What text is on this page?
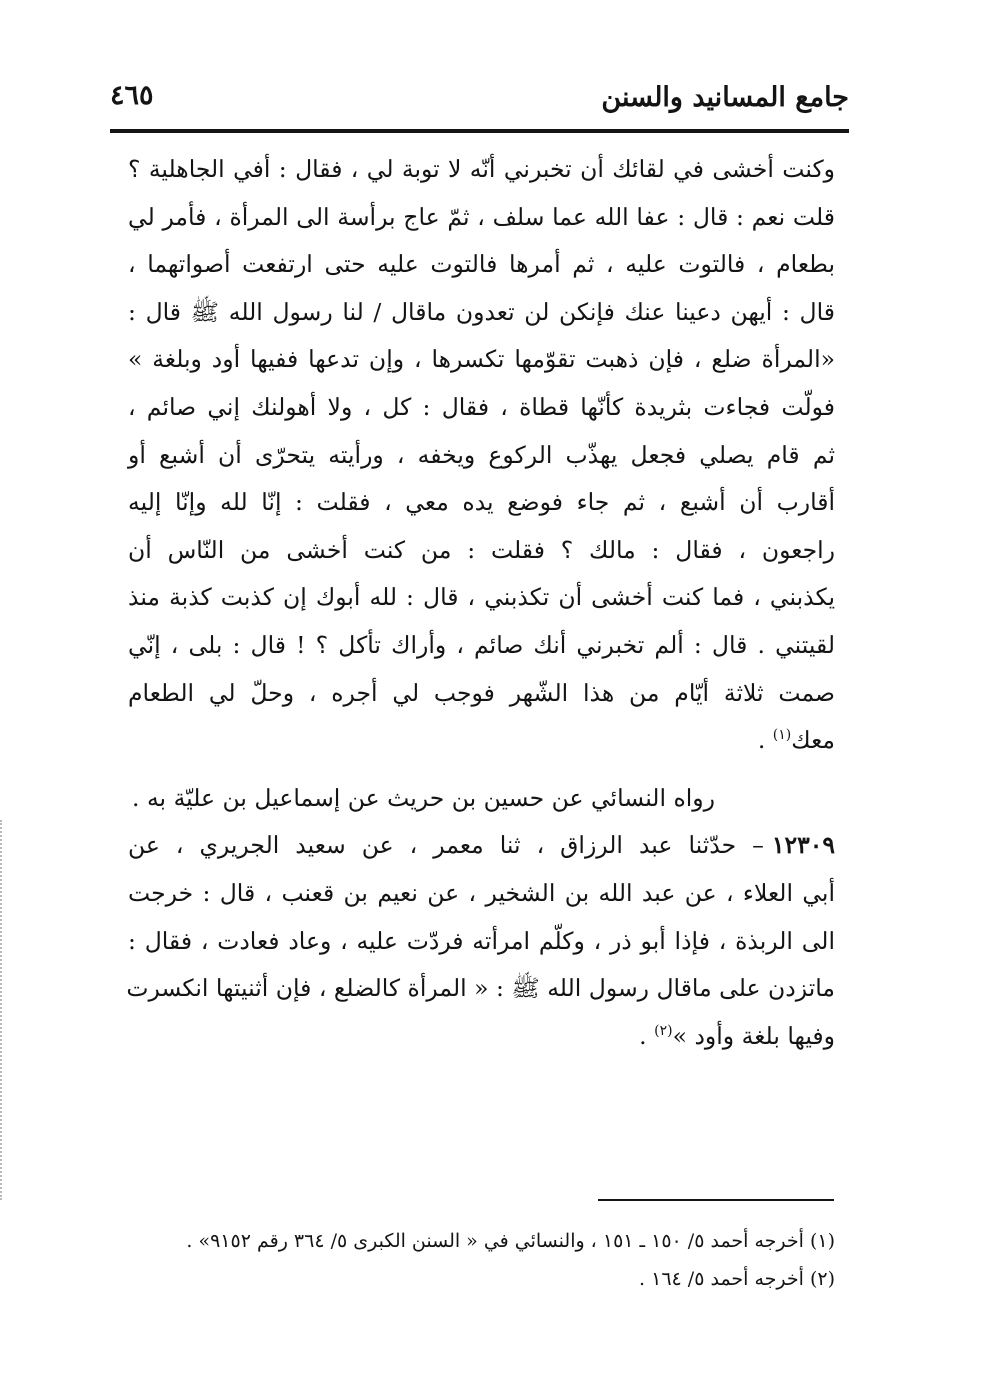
جامع المسانيد والسنن
٤٦٥

وكنت أخشى في لقائك أن تخبرني أنّه لا توبة لي ، فقال : أفي الجاهلية ؟
قلت نعم : قال : عفا الله عما سلف ، ثمّ عاج برأسة الى المرأة ، فأمر لي
بطعام ، فالتوت عليه ، ثم أمرها فالتوت عليه حتى ارتفعت أصواتهما ،
قال : أيهن دعينا عنك فإنكن لن تعدون ماقال / لنا رسول الله ﷺ قال :
«المرأة ضلع ، فإن ذهبت تقوّمها تكسرها ، وإن تدعها ففيها أود وبلغة »
فولّت فجاءت بثريدة كأنّها قطاة ، فقال : كل ، ولا أهولنك إني صائم ،
ثم قام يصلي فجعل يهذّب الركوع ويخفه ، ورأيته يتحرّى أن أشبع أو
أقارب أن أشبع ، ثم جاء فوضع يده معي ، فقلت : إنّا لله وإنّا إليه
راجعون ، فقال : مالك ؟ فقلت : من كنت أخشى من النّاس أن
يكذبني ، فما كنت أخشى أن تكذبني ، قال : لله أبوك إن كذبت كذبة منذ
لقيتني . قال : ألم تخبرني أنك صائم ، وأراك تأكل ؟ ! قال : بلى ، إنّي
صمت ثلاثة أيّام من هذا الشّهر فوجب لي أجره ، وحلّ لي الطعام
معك$^{(١)}$ .

رواه النسائي عن حسين بن حريث عن إسماعيل بن عليّة به .

١٢٣٠٩– حدّثنا عبد الرزاق ، ثنا معمر ، عن سعيد الجريري ، عن
أبي العلاء ، عن عبد الله بن الشخير ، عن نعيم بن قعنب ، قال : خرجت
الى الربذة ، فإذا أبو ذر ، وكلّم امرأته فردّت عليه ، وعاد فعادت ، فقال :
ماتزدن على ماقال رسول الله ﷺ : « المرأة كالضلع ، فإن أثنيتها انكسرت
وفيها بلغة وأود »$^{(٢)}$ .

(١)أخرجه أحمد ٥/ ١٥٠ ـ ١٥١ ، والنسائي في « السنن الكبرى ٥/ ٣٦٤ رقم ٩١٥٢» .
(٢)أخرجه أحمد ٥/ ١٦٤ .
